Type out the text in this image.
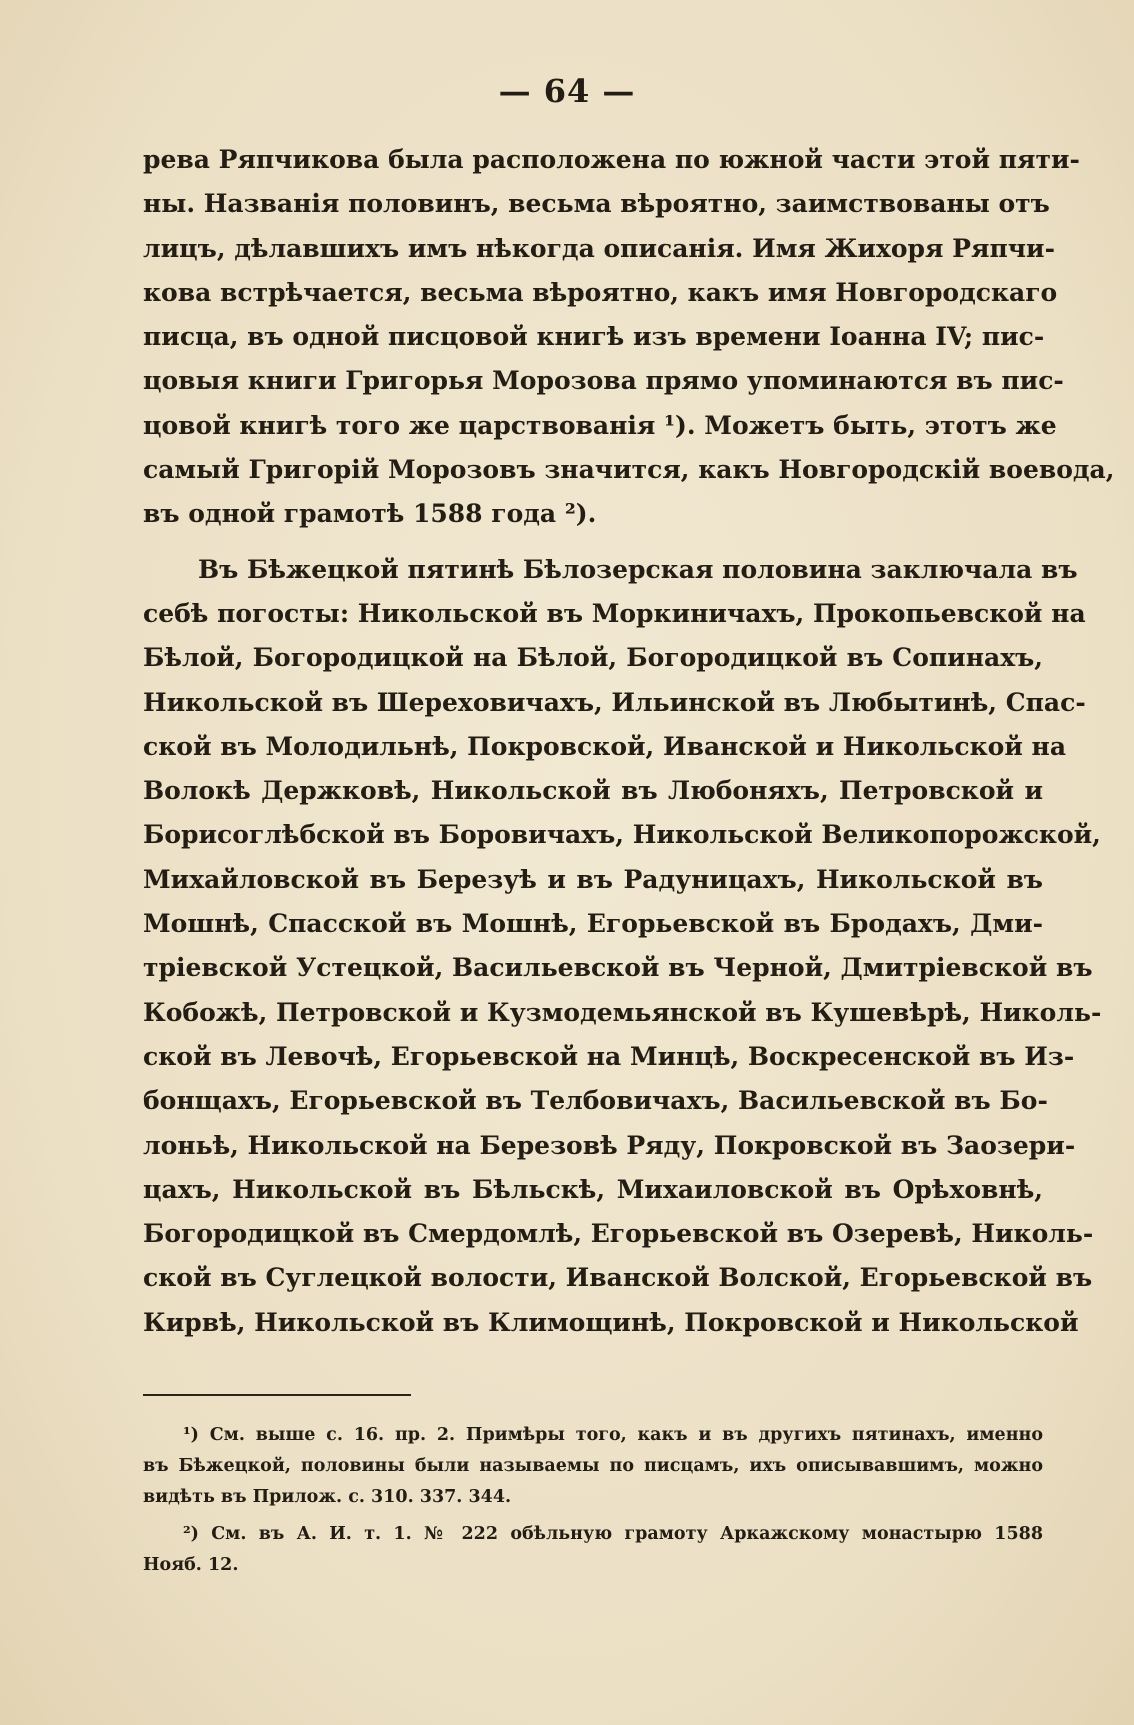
— 64 —
рева Ряпчикова была расположена по южной части этой пяти-
ны. Названія половинъ, весьма вѣроятно, заимствованы отъ
лицъ, дѣлавшихъ имъ нѣкогда описанія. Имя Жихоря Ряпчи-
кова встрѣчается, весьма вѣроятно, какъ имя Новгородскаго
писца, въ одной писцовой книгѣ изъ времени Іоанна IV; пис-
цовыя книги Григорья Морозова прямо упоминаются въ пис-
цовой книгѣ того же царствованія ¹). Можетъ быть, этотъ же
самый Григорій Морозовъ значится, какъ Новгородскій воевода,
въ одной грамотѣ 1588 года ²).
Въ Бѣжецкой пятинѣ Бѣлозерская половина заключала въ
себѣ погосты: Никольской въ Моркиничахъ, Прокопьевской на
Бѣлой, Богородицкой на Бѣлой, Богородицкой въ Сопинахъ,
Никольской въ Шереховичахъ, Ильинской въ Любытинѣ, Спас-
ской въ Молодильнѣ, Покровской, Иванской и Никольской на
Волокѣ Держковѣ, Никольской въ Любоняхъ, Петровской и
Борисоглѣбской въ Боровичахъ, Никольской Великопорожской,
Михайловской въ Березуѣ и въ Радуницахъ, Никольской въ
Мошнѣ, Спасской въ Мошнѣ, Егорьевской въ Бродахъ, Дми-
тріевской Устецкой, Васильевской въ Черной, Дмитріевской въ
Кобожѣ, Петровской и Кузмодемьянской въ Кушевѣрѣ, Николь-
ской въ Левочѣ, Егорьевской на Минцѣ, Воскресенской въ Из-
бонщахъ, Егорьевской въ Телбовичахъ, Васильевской въ Бо-
лоньѣ, Никольской на Березовѣ Ряду, Покровской въ Заозери-
цахъ, Никольской въ Бѣльскѣ, Михаиловской въ Орѣховнѣ,
Богородицкой въ Смердомлѣ, Егорьевской въ Озеревѣ, Николь-
ской въ Суглецкой волости, Иванской Волской, Егорьевской въ
Кирвѣ, Никольской въ Климощинѣ, Покровской и Никольской
¹) См. выше с. 16. пр. 2. Примѣры того, какъ и въ другихъ пятинахъ, именно
въ Бѣжецкой, половины были называемы по писцамъ, ихъ описывавшимъ, можно
видѣть въ Прилож. с. 310. 337. 344.
²) См. въ А. И. т. 1. № 222 обѣльную грамоту Аркажскому монастырю 1588
Нояб. 12.
